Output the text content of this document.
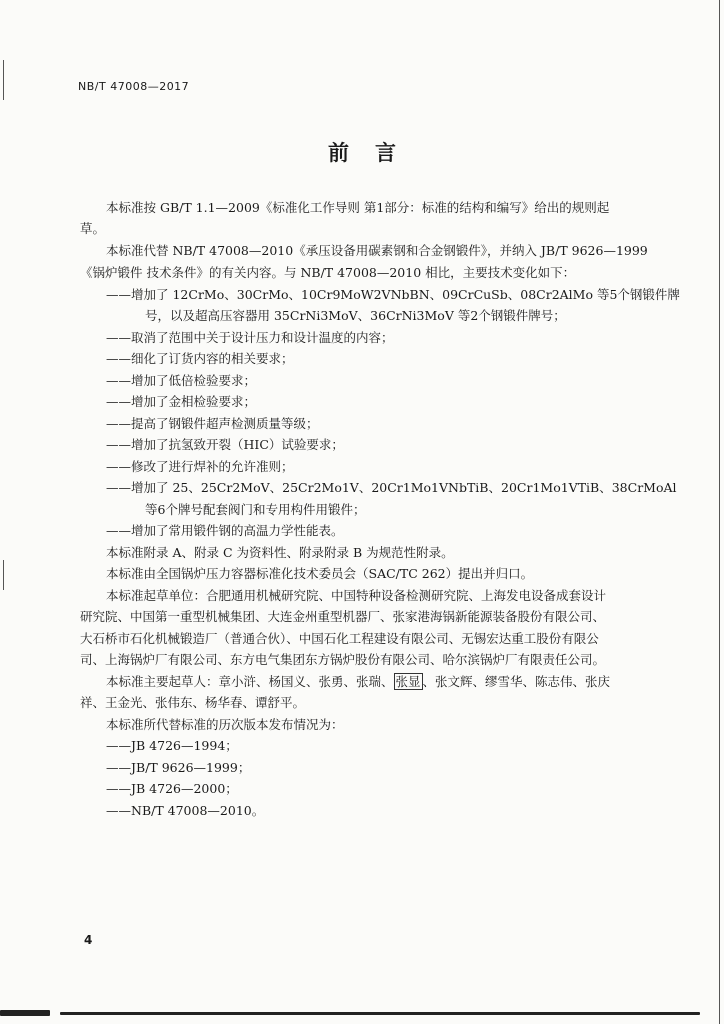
NB/T 47008—2017
前言
本标准按 GB/T 1.1—2009《标准化工作导则 第1部分：标准的结构和编写》给出的规则起
草。
本标准代替 NB/T 47008—2010《承压设备用碳素钢和合金钢锻件》，并纳入 JB/T 9626—1999
《锅炉锻件 技术条件》的有关内容。与 NB/T 47008—2010 相比，主要技术变化如下：
——增加了 12CrMo、30CrMo、10Cr9MoW2VNbBN、09CrCuSb、08Cr2AlMo 等5个钢锻件牌
号，以及超高压容器用 35CrNi3MoV、36CrNi3MoV 等2个钢锻件牌号；
——取消了范围中关于设计压力和设计温度的内容；
——细化了订货内容的相关要求；
——增加了低倍检验要求；
——增加了金相检验要求；
——提高了钢锻件超声检测质量等级；
——增加了抗氢致开裂（HIC）试验要求；
——修改了进行焊补的允许准则；
——增加了 25、25Cr2MoV、25Cr2Mo1V、20Cr1Mo1VNbTiB、20Cr1Mo1VTiB、38CrMoAl
等6个牌号配套阀门和专用构件用锻件；
——增加了常用锻件钢的高温力学性能表。
本标准附录 A、附录 C 为资料性、附录附录 B 为规范性附录。
本标准由全国锅炉压力容器标准化技术委员会（SAC/TC 262）提出并归口。
本标准起草单位：合肥通用机械研究院、中国特种设备检测研究院、上海发电设备成套设计
研究院、中国第一重型机械集团、大连金州重型机器厂、张家港海锅新能源装备股份有限公司、
大石桥市石化机械锻造厂（普通合伙）、中国石化工程建设有限公司、无锡宏达重工股份有限公
司、上海锅炉厂有限公司、东方电气集团东方锅炉股份有限公司、哈尔滨锅炉厂有限责任公司。
本标准主要起草人：章小浒、杨国义、张勇、张瑞、 张显 、张文辉、缪雪华、陈志伟、张庆
祥、王金光、张伟东、杨华春、谭舒平。
本标准所代替标准的历次版本发布情况为：
——JB 4726—1994；
——JB/T 9626—1999；
——JB 4726—2000；
——NB/T 47008—2010。
4
